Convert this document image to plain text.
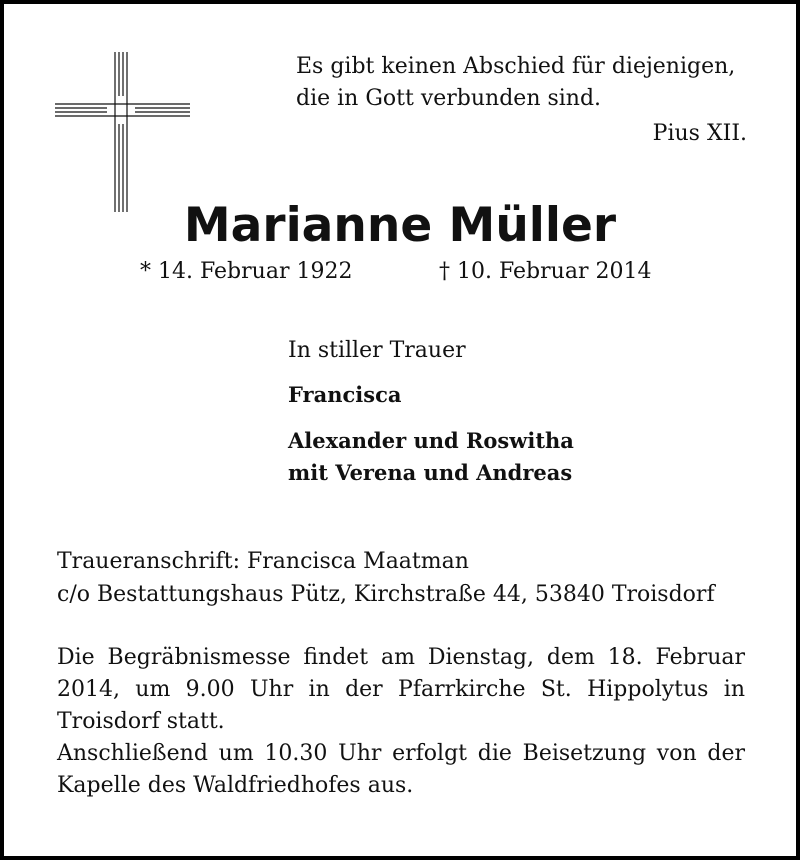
Es gibt keinen Abschied für diejenigen,
die in Gott verbunden sind.
Pius XII.
Marianne Müller
* 14. Februar 1922	† 10. Februar 2014
In stiller Trauer
Francisca
Alexander und Roswitha
mit Verena und Andreas
Traueranschrift: Francisca Maatman
c/o Bestattungshaus Pütz, Kirchstraße 44, 53840 Troisdorf
Die Begräbnismesse findet am Dienstag, dem 18. Februar 2014, um 9.00 Uhr in der Pfarrkirche St. Hippolytus in Troisdorf statt.
Anschließend um 10.30 Uhr erfolgt die Beisetzung von der Kapelle des Waldfriedhofes aus.
